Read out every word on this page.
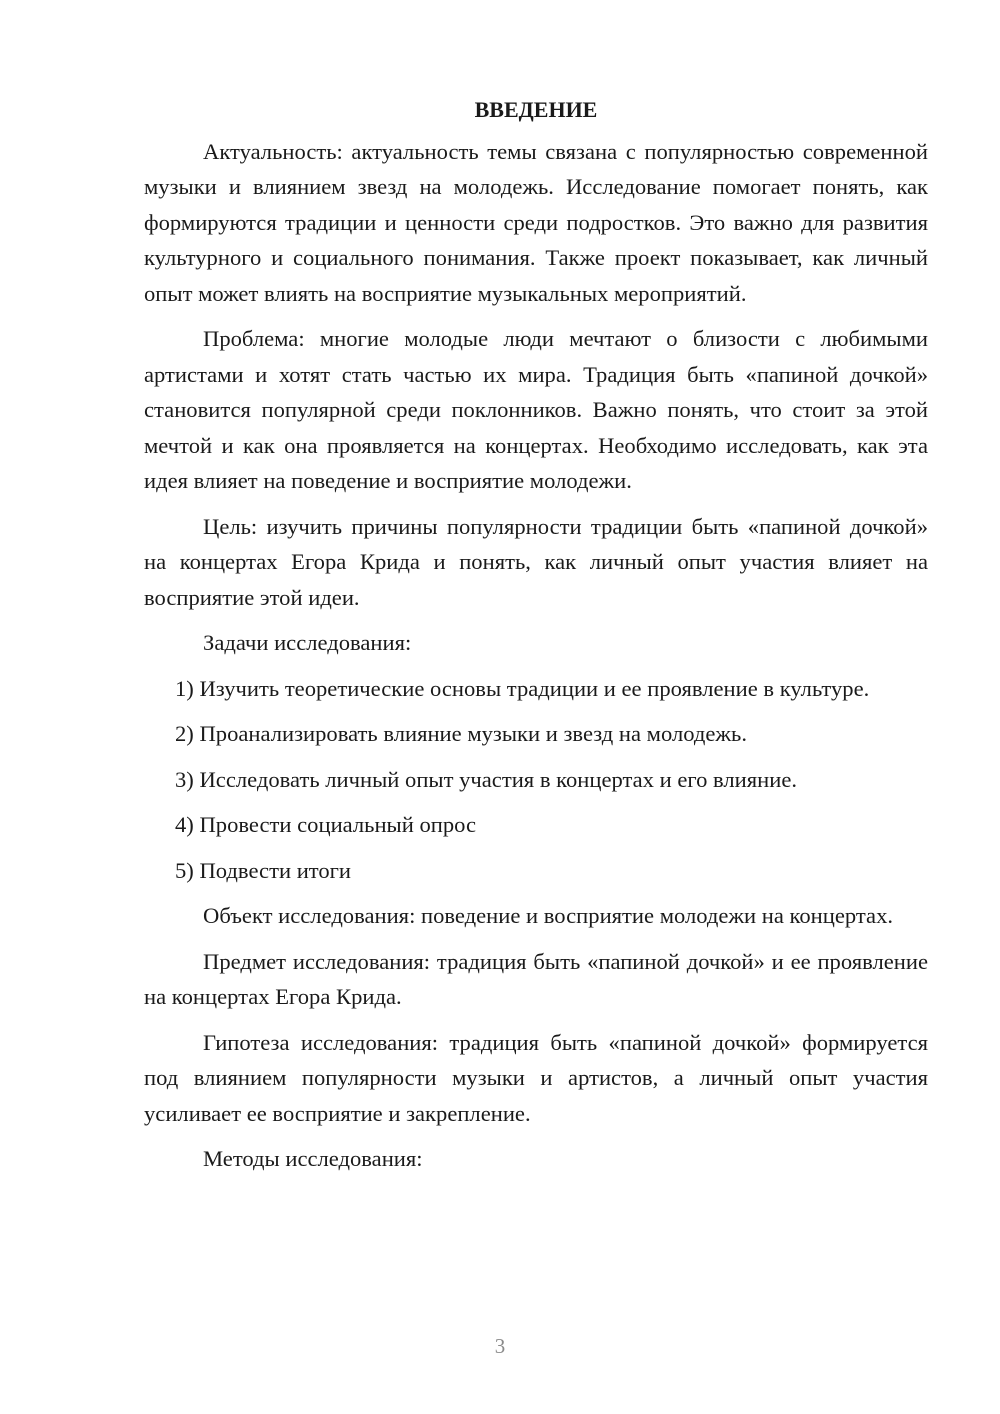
ВВЕДЕНИЕ

Актуальность: актуальность темы связана с популярностью современной музыки и влиянием звезд на молодежь. Исследование помогает понять, как формируются традиции и ценности среди подростков. Это важно для развития культурного и социального понимания. Также проект показывает, как личный опыт может влиять на восприятие музыкальных мероприятий.

Проблема: многие молодые люди мечтают о близости с любимыми артистами и хотят стать частью их мира. Традиция быть «папиной дочкой» становится популярной среди поклонников. Важно понять, что стоит за этой мечтой и как она проявляется на концертах. Необходимо исследовать, как эта идея влияет на поведение и восприятие молодежи.

Цель: изучить причины популярности традиции быть «папиной дочкой» на концертах Егора Крида и понять, как личный опыт участия влияет на восприятие этой идеи.

Задачи исследования:

1) Изучить теоретические основы традиции и ее проявление в культуре.

2) Проанализировать влияние музыки и звезд на молодежь.

3) Исследовать личный опыт участия в концертах и его влияние.

4) Провести социальный опрос

5) Подвести итоги

Объект исследования: поведение и восприятие молодежи на концертах.

Предмет исследования: традиция быть «папиной дочкой» и ее проявление на концертах Егора Крида.

Гипотеза исследования: традиция быть «папиной дочкой» формируется под влиянием популярности музыки и артистов, а личный опыт участия усиливает ее восприятие и закрепление.

Методы исследования:

3
